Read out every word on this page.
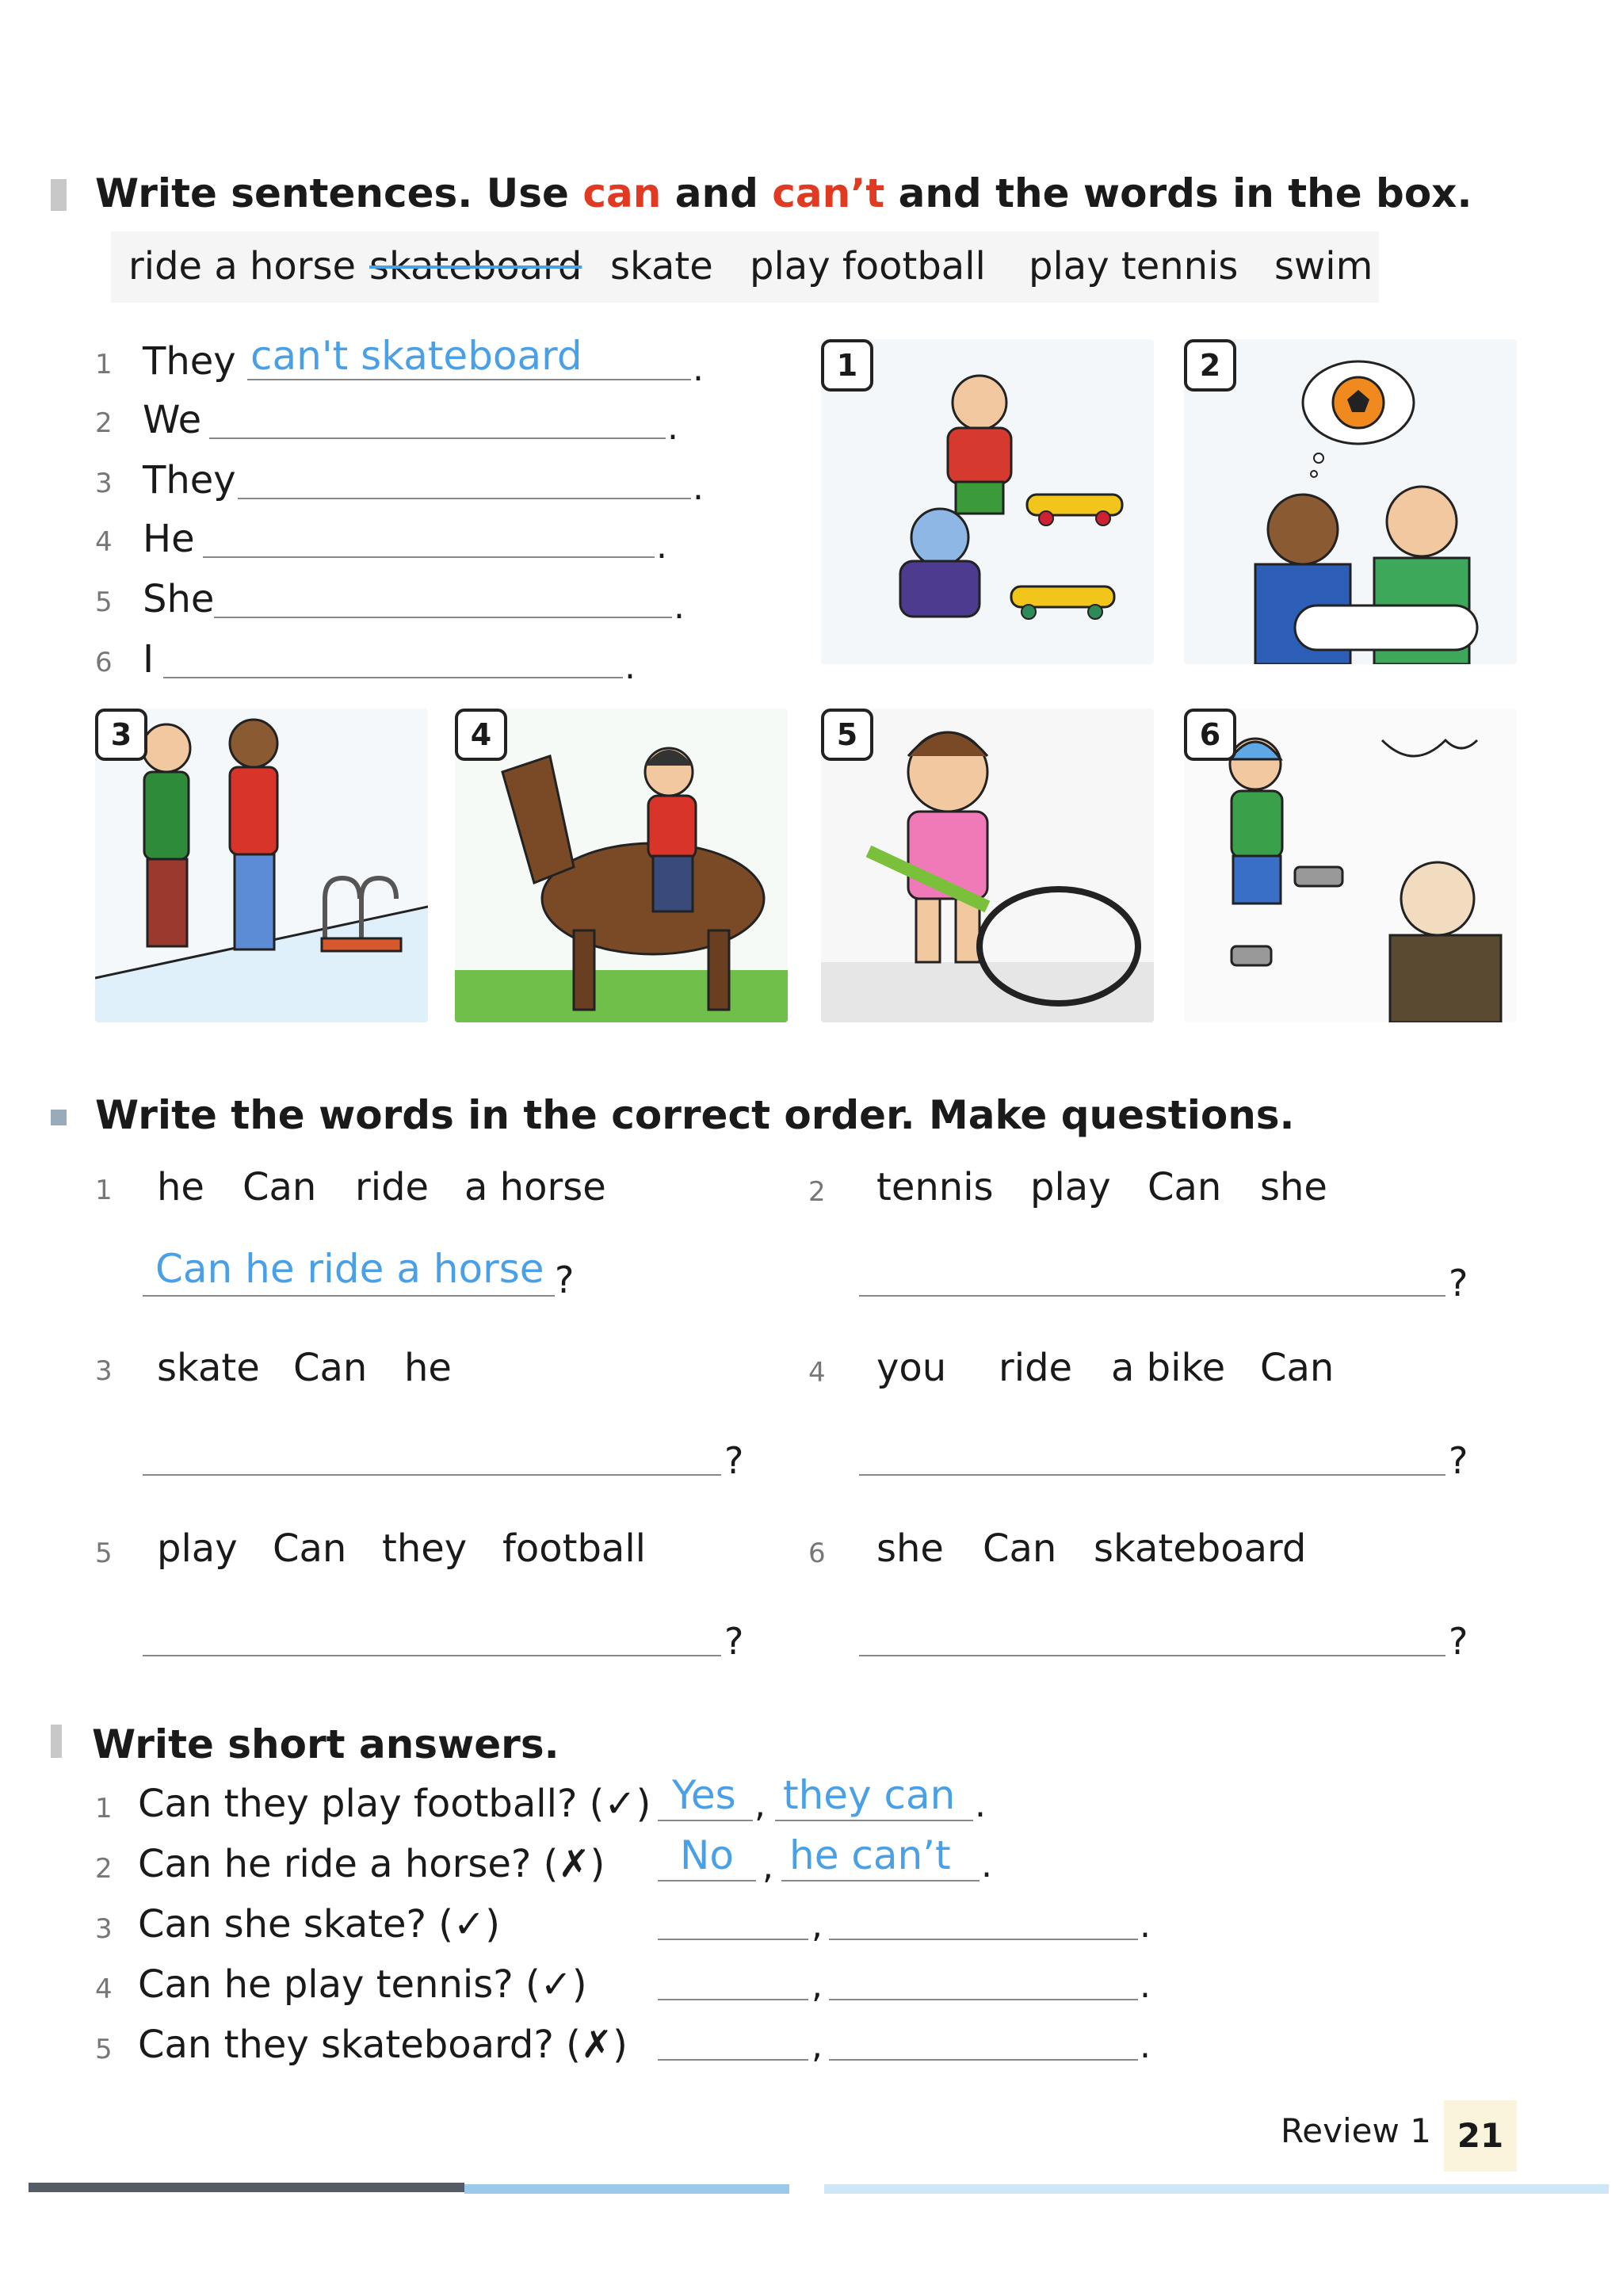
Write sentences. Use can and can’t and the words in the box.
ride a horse skateboard skate play football play tennis swim
1 They can't skateboard	.
2 We	.
3 They	.
4 He	.
5 She	.
6 I	.
1	2
3	4	5	6
Write the words in the correct order. Make questions.
1 he Can ride a horse
Can he ride a horse ?
2 tennis play Can she
?
3 skate Can he
?
4 you ride a bike Can
?
5 play Can they football
?
6 she Can skateboard
?
Write short answers.
1 Can they play football? (✓) Yes , they can .
2 Can he ride a horse? (✗) No , he can’t .
3 Can she skate? (✓)	,	.
4 Can he play tennis? (✓)	,	.
5 Can they skateboard? (✗)	,	.
Review 1 21
